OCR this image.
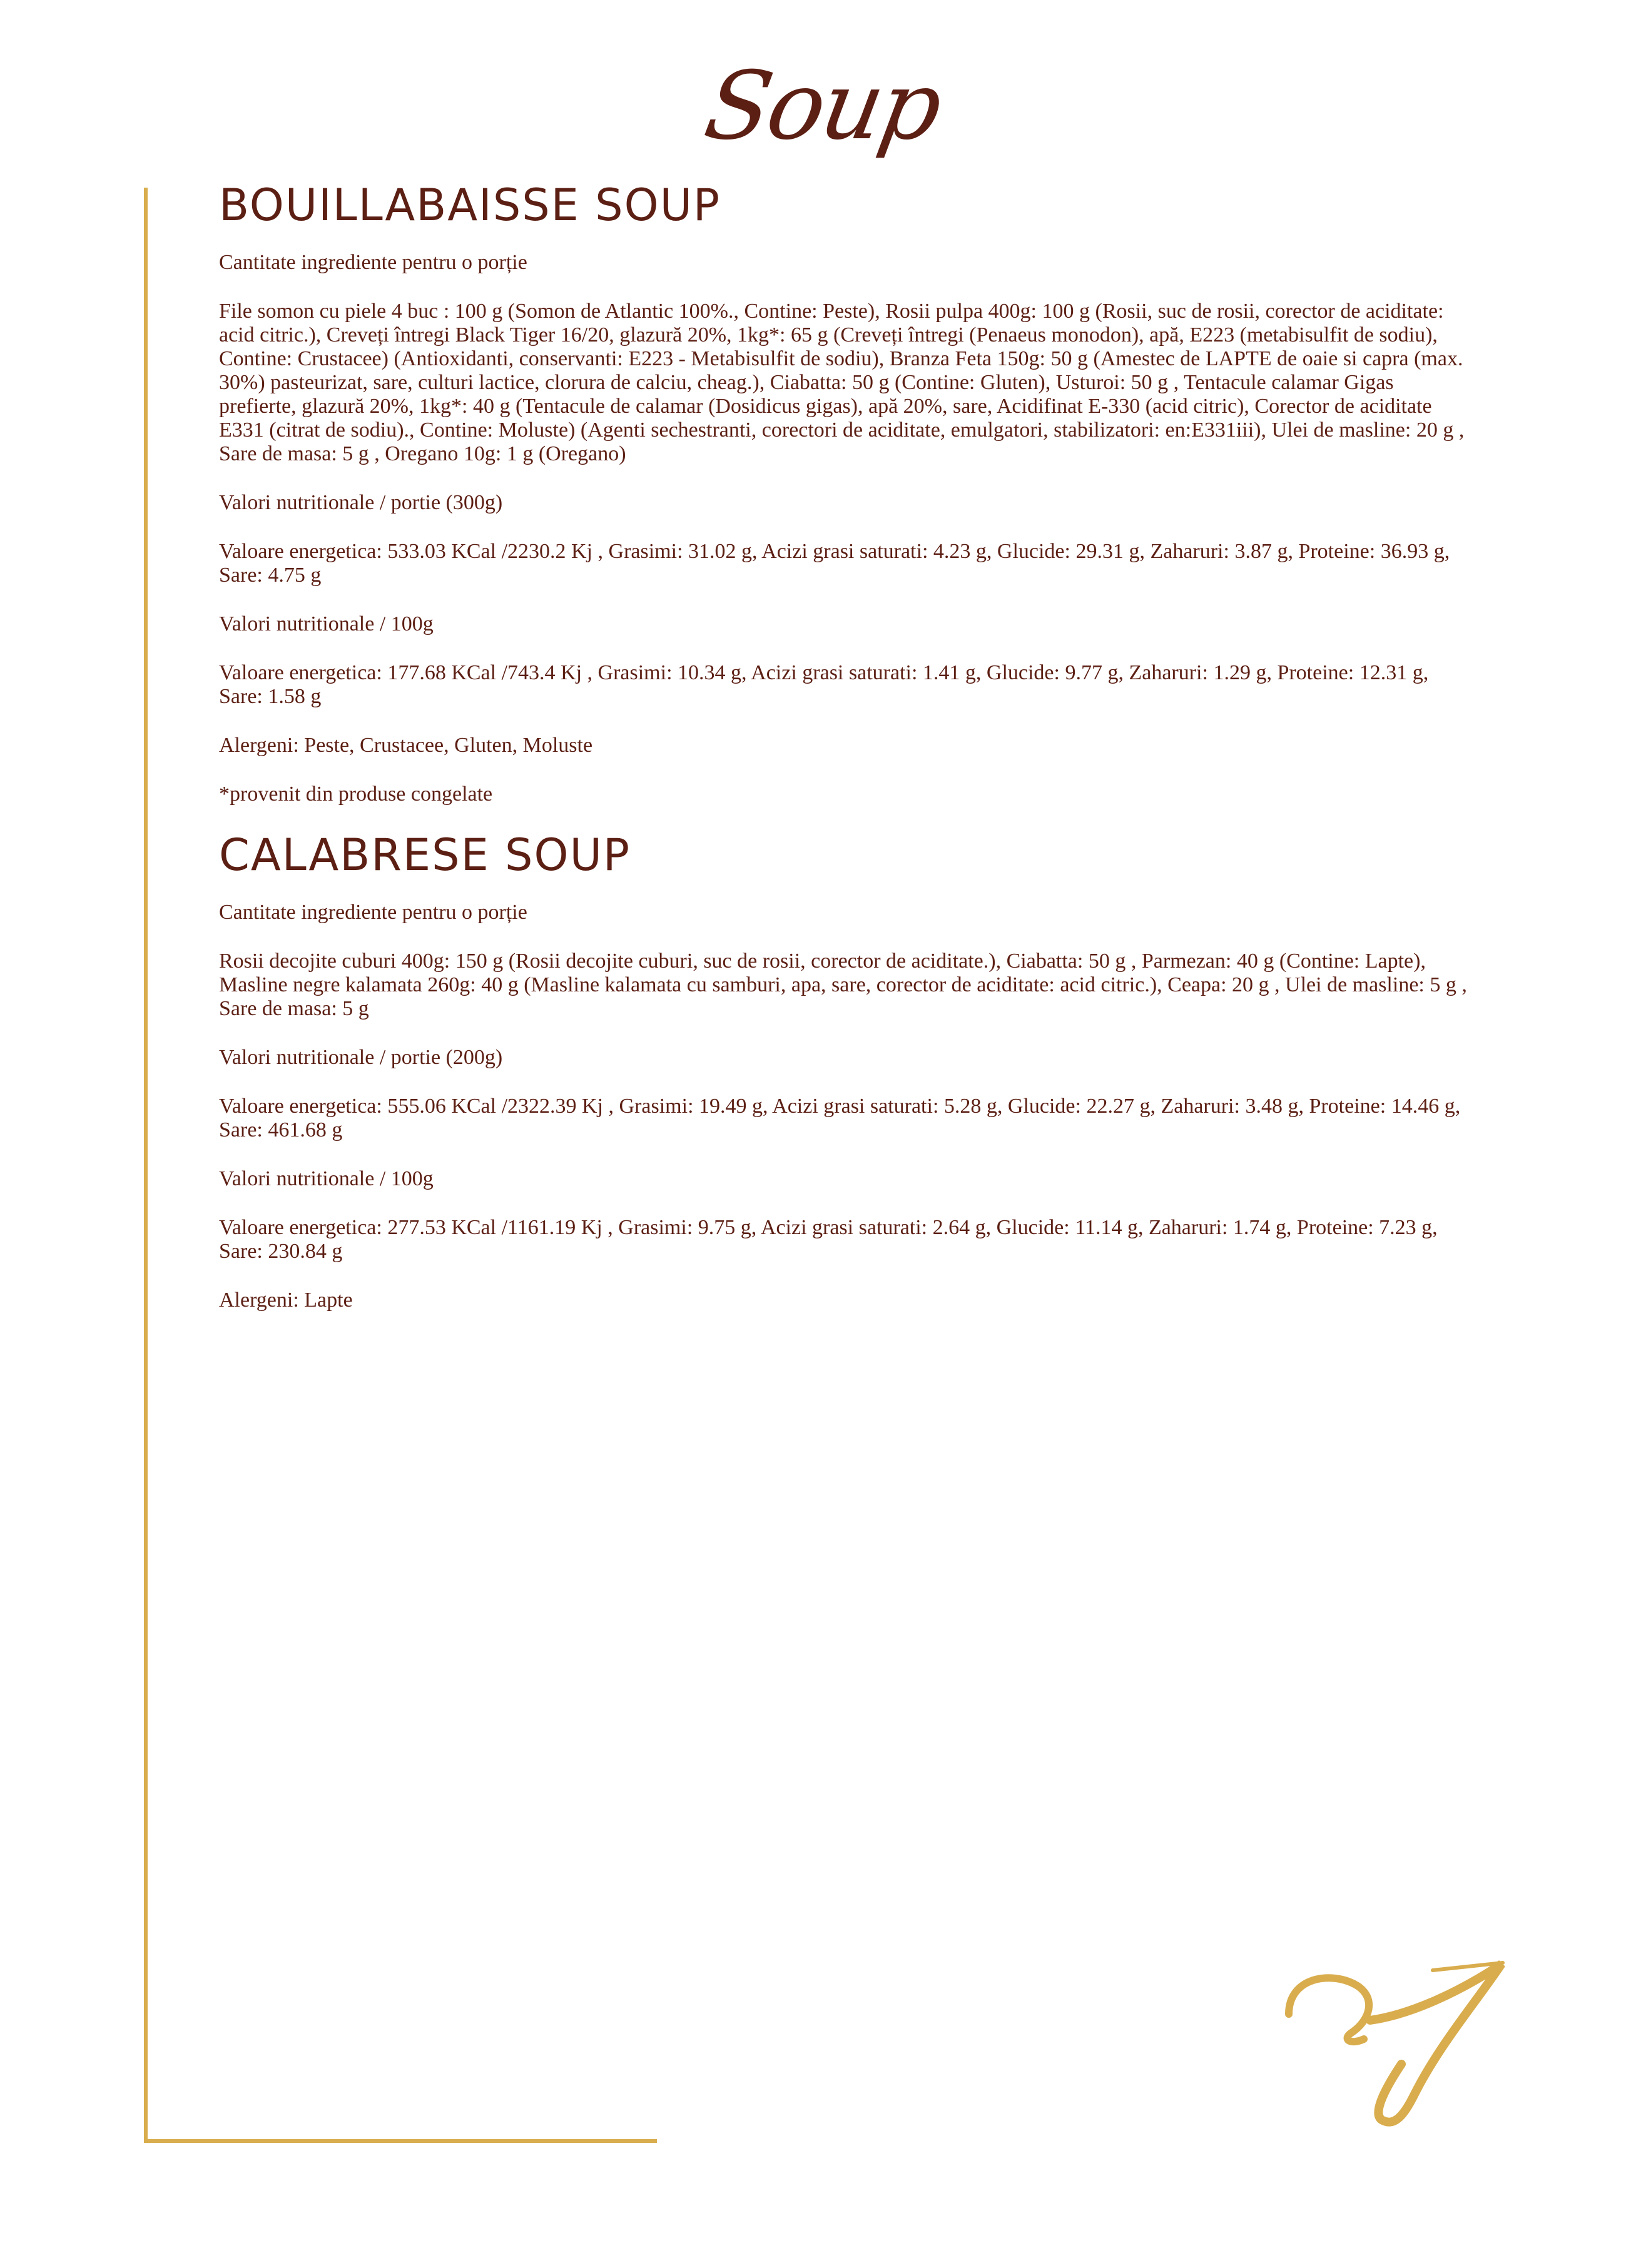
Soup
BOUILLABAISSE SOUP

Cantitate ingrediente pentru o porție

File somon cu piele 4 buc : 100 g (Somon de Atlantic 100%., Contine: Peste), Rosii pulpa 400g: 100 g (Rosii, suc de rosii, corector de aciditate: acid citric.), Creveți întregi Black Tiger 16/20, glazură 20%, 1kg*: 65 g (Creveți întregi (Penaeus monodon), apă, E223 (metabisulfit de sodiu), Contine: Crustacee) (Antioxidanti, conservanti: E223 - Metabisulfit de sodiu), Branza Feta 150g: 50 g (Amestec de LAPTE de oaie si capra (max. 30%) pasteurizat, sare, culturi lactice, clorura de calciu, cheag.), Ciabatta: 50 g (Contine: Gluten), Usturoi: 50 g , Tentacule calamar Gigas prefierte, glazură 20%, 1kg*: 40 g (Tentacule de calamar (Dosidicus gigas), apă 20%, sare, Acidifinat E-330 (acid citric), Corector de aciditate E331 (citrat de sodiu)., Contine: Moluste) (Agenti sechestranti, corectori de aciditate, emulgatori, stabilizatori: en:E331iii), Ulei de masline: 20 g , Sare de masa: 5 g , Oregano 10g: 1 g (Oregano)

Valori nutritionale / portie (300g)

Valoare energetica: 533.03 KCal /2230.2 Kj , Grasimi: 31.02 g, Acizi grasi saturati: 4.23 g, Glucide: 29.31 g, Zaharuri: 3.87 g, Proteine: 36.93 g, Sare: 4.75 g

Valori nutritionale / 100g

Valoare energetica: 177.68 KCal /743.4 Kj , Grasimi: 10.34 g, Acizi grasi saturati: 1.41 g, Glucide: 9.77 g, Zaharuri: 1.29 g, Proteine: 12.31 g, Sare: 1.58 g

Alergeni: Peste, Crustacee, Gluten, Moluste

*provenit din produse congelate

CALABRESE SOUP

Cantitate ingrediente pentru o porție

Rosii decojite cuburi 400g: 150 g (Rosii decojite cuburi, suc de rosii, corector de aciditate.), Ciabatta: 50 g , Parmezan: 40 g (Contine: Lapte), Masline negre kalamata 260g: 40 g (Masline kalamata cu samburi, apa, sare, corector de aciditate: acid citric.), Ceapa: 20 g , Ulei de masline: 5 g , Sare de masa: 5 g

Valori nutritionale / portie (200g)

Valoare energetica: 555.06 KCal /2322.39 Kj , Grasimi: 19.49 g, Acizi grasi saturati: 5.28 g, Glucide: 22.27 g, Zaharuri: 3.48 g, Proteine: 14.46 g, Sare: 461.68 g

Valori nutritionale / 100g

Valoare energetica: 277.53 KCal /1161.19 Kj , Grasimi: 9.75 g, Acizi grasi saturati: 2.64 g, Glucide: 11.14 g, Zaharuri: 1.74 g, Proteine: 7.23 g, Sare: 230.84 g

Alergeni: Lapte
